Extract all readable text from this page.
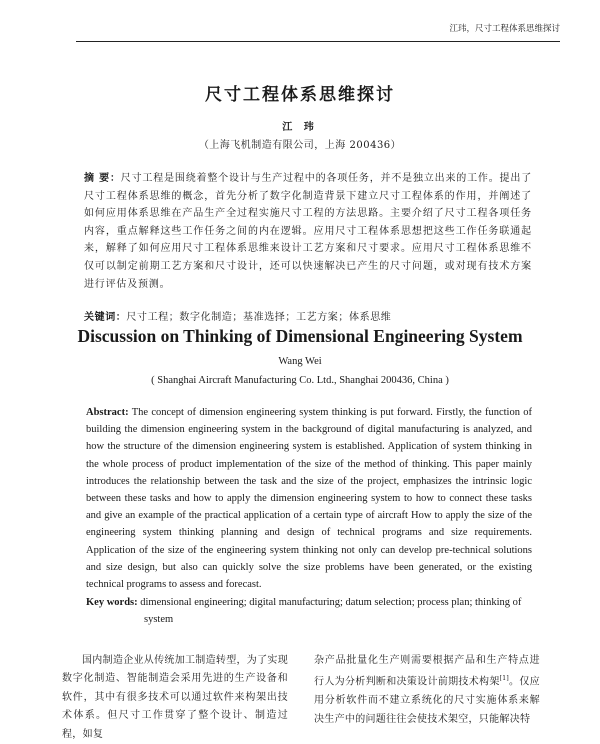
江玮，尺寸工程体系思维探讨
尺寸工程体系思维探讨
江 玮
（上海飞机制造有限公司，上海 200436）
摘 要：尺寸工程是围绕着整个设计与生产过程中的各项任务，并不是独立出来的工作。提出了尺寸工程体系思维的概念，首先分析了数字化制造背景下建立尺寸工程体系的作用，并阐述了如何应用体系思维在产品生产全过程实施尺寸工程的方法思路。主要介绍了尺寸工程各项任务内容，重点解释这些工作任务之间的内在逻辑。应用尺寸工程体系思想把这些工作任务联通起来，解释了如何应用尺寸工程体系思维来设计工艺方案和尺寸要求。应用尺寸工程体系思维不仅可以制定前期工艺方案和尺寸设计，还可以快速解决已产生的尺寸问题，或对现有技术方案进行评估及预测。
关键词：尺寸工程；数字化制造；基准选择；工艺方案；体系思维
Discussion on Thinking of Dimensional Engineering System
Wang Wei
( Shanghai Aircraft Manufacturing Co. Ltd., Shanghai 200436, China )
Abstract: The concept of dimension engineering system thinking is put forward. Firstly, the function of building the dimension engineering system in the background of digital manufacturing is analyzed, and how the structure of the dimension engineering system is established. Application of system thinking in the whole process of product implementation of the size of the method of thinking. This paper mainly introduces the relationship between the task and the size of the project, emphasizes the intrinsic logic between these tasks and how to apply the dimension engineering system to how to connect these tasks and give an example of the practical application of a certain type of aircraft How to apply the size of the engineering system thinking planning and design of technical programs and size requirements. Application of the size of the engineering system thinking not only can develop pre-technical solutions and size design, but also can quickly solve the size problems have been generated, or the existing technical programs to assess and forecast.
Key words: dimensional engineering; digital manufacturing; datum selection; process plan; thinking of system
国内制造企业从传统加工制造转型，为了实现数字化制造、智能制造会采用先进的生产设备和软件，其中有很多技术可以通过软件来构架出技术体系。但尺寸工作贯穿了整个设计、制造过程，如复
杂产品批量化生产则需要根据产品和生产特点进行人为分析判断和决策设计前期技术构架[1]。仅应用分析软件而不建立系统化的尺寸实施体系来解决生产中的问题往往会使技术架空，只能解决特
